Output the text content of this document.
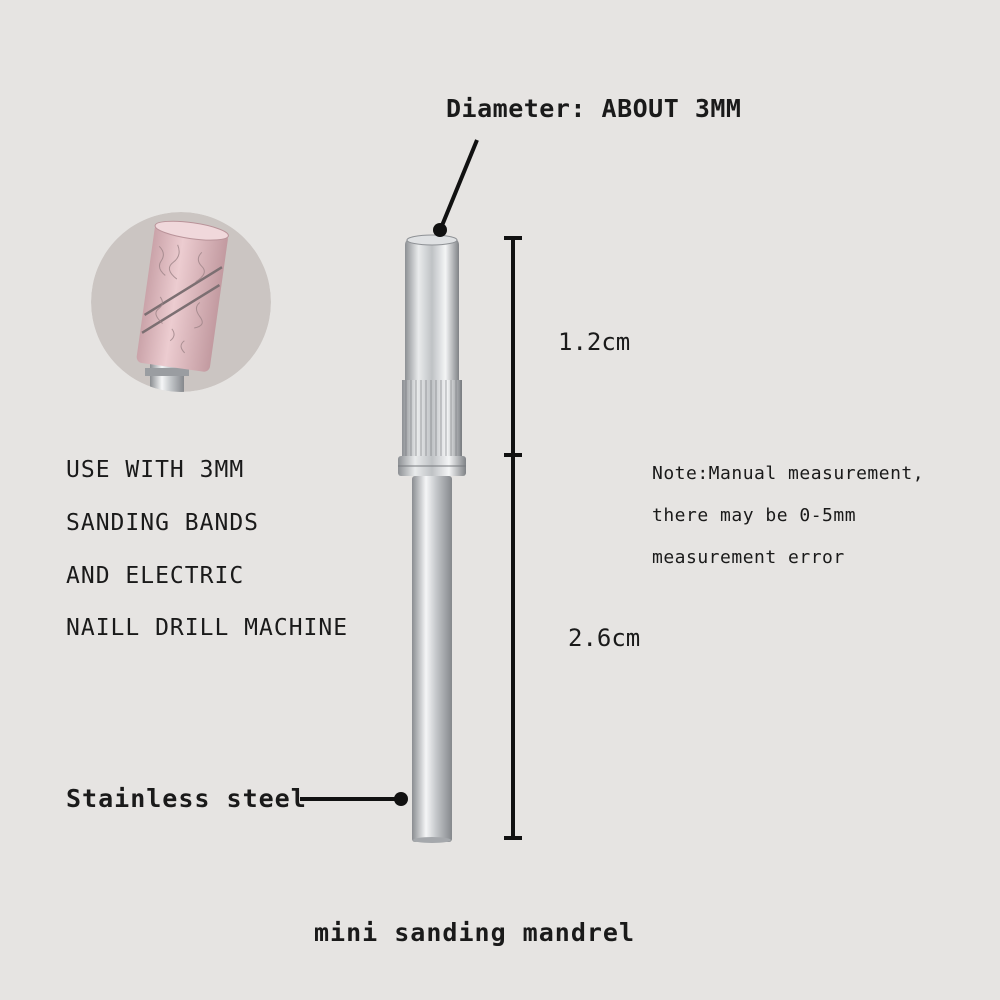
Diameter: ABOUT 3MM
USE WITH 3MM
SANDING BANDS
AND ELECTRIC
NAILL DRILL MACHINE
1.2cm
2.6cm
Note:Manual measurement,
there may be 0-5mm
measurement error
Stainless steel
mini sanding mandrel
